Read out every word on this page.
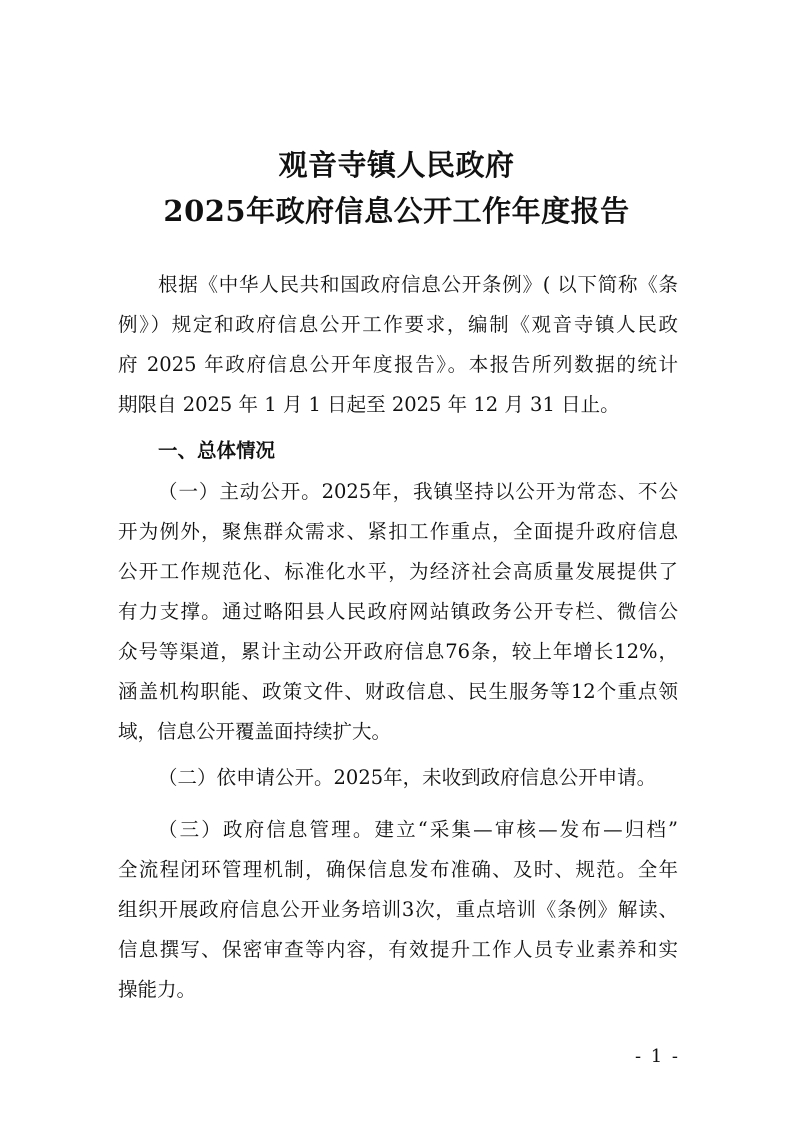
观音寺镇人民政府
2025年政府信息公开工作年度报告
根据《中华人民共和国政府信息公开条例》( 以下简称《条
例》）规定和政府信息公开工作要求，编制《观音寺镇人民政
府 2025 年政府信息公开年度报告》。本报告所列数据的统计
期限自 2025 年 1 月 1 日起至 2025 年 12 月 31 日止。
一、总体情况
（一）主动公开。2025年，我镇坚持以公开为常态、不公
开为例外，聚焦群众需求、紧扣工作重点，全面提升政府信息
公开工作规范化、标准化水平，为经济社会高质量发展提供了
有力支撑。通过略阳县人民政府网站镇政务公开专栏、微信公
众号等渠道，累计主动公开政府信息76条，较上年增长12%，
涵盖机构职能、政策文件、财政信息、民生服务等12个重点领
域，信息公开覆盖面持续扩大。
（二）依申请公开。2025年，未收到政府信息公开申请。
（三）政府信息管理。建立“采集—审核—发布—归档”
全流程闭环管理机制，确保信息发布准确、及时、规范。全年
组织开展政府信息公开业务培训3次，重点培训《条例》解读、
信息撰写、保密审查等内容，有效提升工作人员专业素养和实
操能力。
- 1 -
